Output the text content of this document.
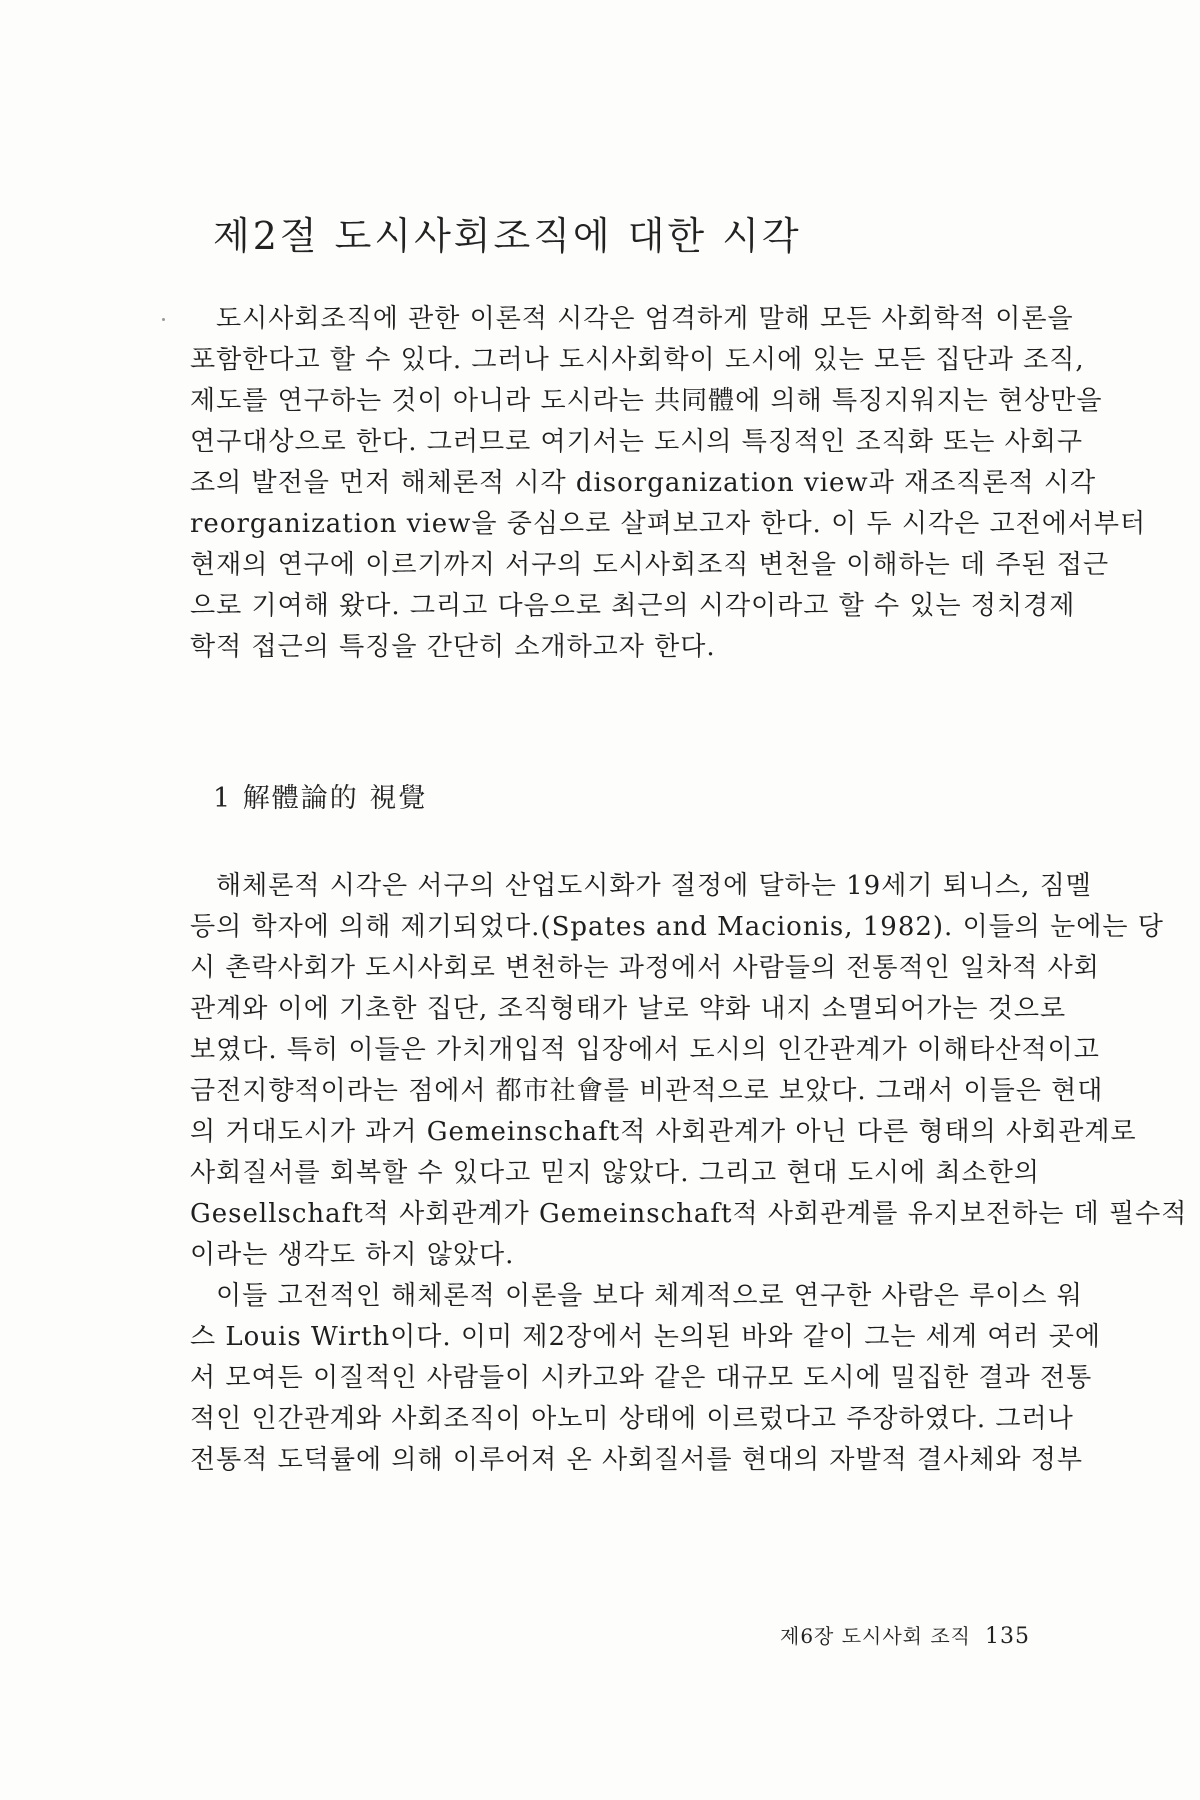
제2절 도시사회조직에 대한 시각
도시사회조직에 관한 이론적 시각은 엄격하게 말해 모든 사회학적 이론을
포함한다고 할 수 있다. 그러나 도시사회학이 도시에 있는 모든 집단과 조직,
제도를 연구하는 것이 아니라 도시라는 共同體에 의해 특징지워지는 현상만을
연구대상으로 한다. 그러므로 여기서는 도시의 특징적인 조직화 또는 사회구
조의 발전을 먼저 해체론적 시각 disorganization view과 재조직론적 시각
reorganization view을 중심으로 살펴보고자 한다. 이 두 시각은 고전에서부터
현재의 연구에 이르기까지 서구의 도시사회조직 변천을 이해하는 데 주된 접근
으로 기여해 왔다. 그리고 다음으로 최근의 시각이라고 할 수 있는 정치경제
학적 접근의 특징을 간단히 소개하고자 한다.
1 解體論的 視覺
해체론적 시각은 서구의 산업도시화가 절정에 달하는 19세기 퇴니스, 짐멜
등의 학자에 의해 제기되었다.(Spates and Macionis, 1982). 이들의 눈에는 당
시 촌락사회가 도시사회로 변천하는 과정에서 사람들의 전통적인 일차적 사회
관계와 이에 기초한 집단, 조직형태가 날로 약화 내지 소멸되어가는 것으로
보였다. 특히 이들은 가치개입적 입장에서 도시의 인간관계가 이해타산적이고
금전지향적이라는 점에서 都市社會를 비관적으로 보았다. 그래서 이들은 현대
의 거대도시가 과거 Gemeinschaft적 사회관계가 아닌 다른 형태의 사회관계로
사회질서를 회복할 수 있다고 믿지 않았다. 그리고 현대 도시에 최소한의
Gesellschaft적 사회관계가 Gemeinschaft적 사회관계를 유지보전하는 데 필수적
이라는 생각도 하지 않았다.
이들 고전적인 해체론적 이론을 보다 체계적으로 연구한 사람은 루이스 워
스 Louis Wirth이다. 이미 제2장에서 논의된 바와 같이 그는 세계 여러 곳에
서 모여든 이질적인 사람들이 시카고와 같은 대규모 도시에 밀집한 결과 전통
적인 인간관계와 사회조직이 아노미 상태에 이르렀다고 주장하였다. 그러나
전통적 도덕률에 의해 이루어져 온 사회질서를 현대의 자발적 결사체와 정부
제6장 도시사회 조직 135
